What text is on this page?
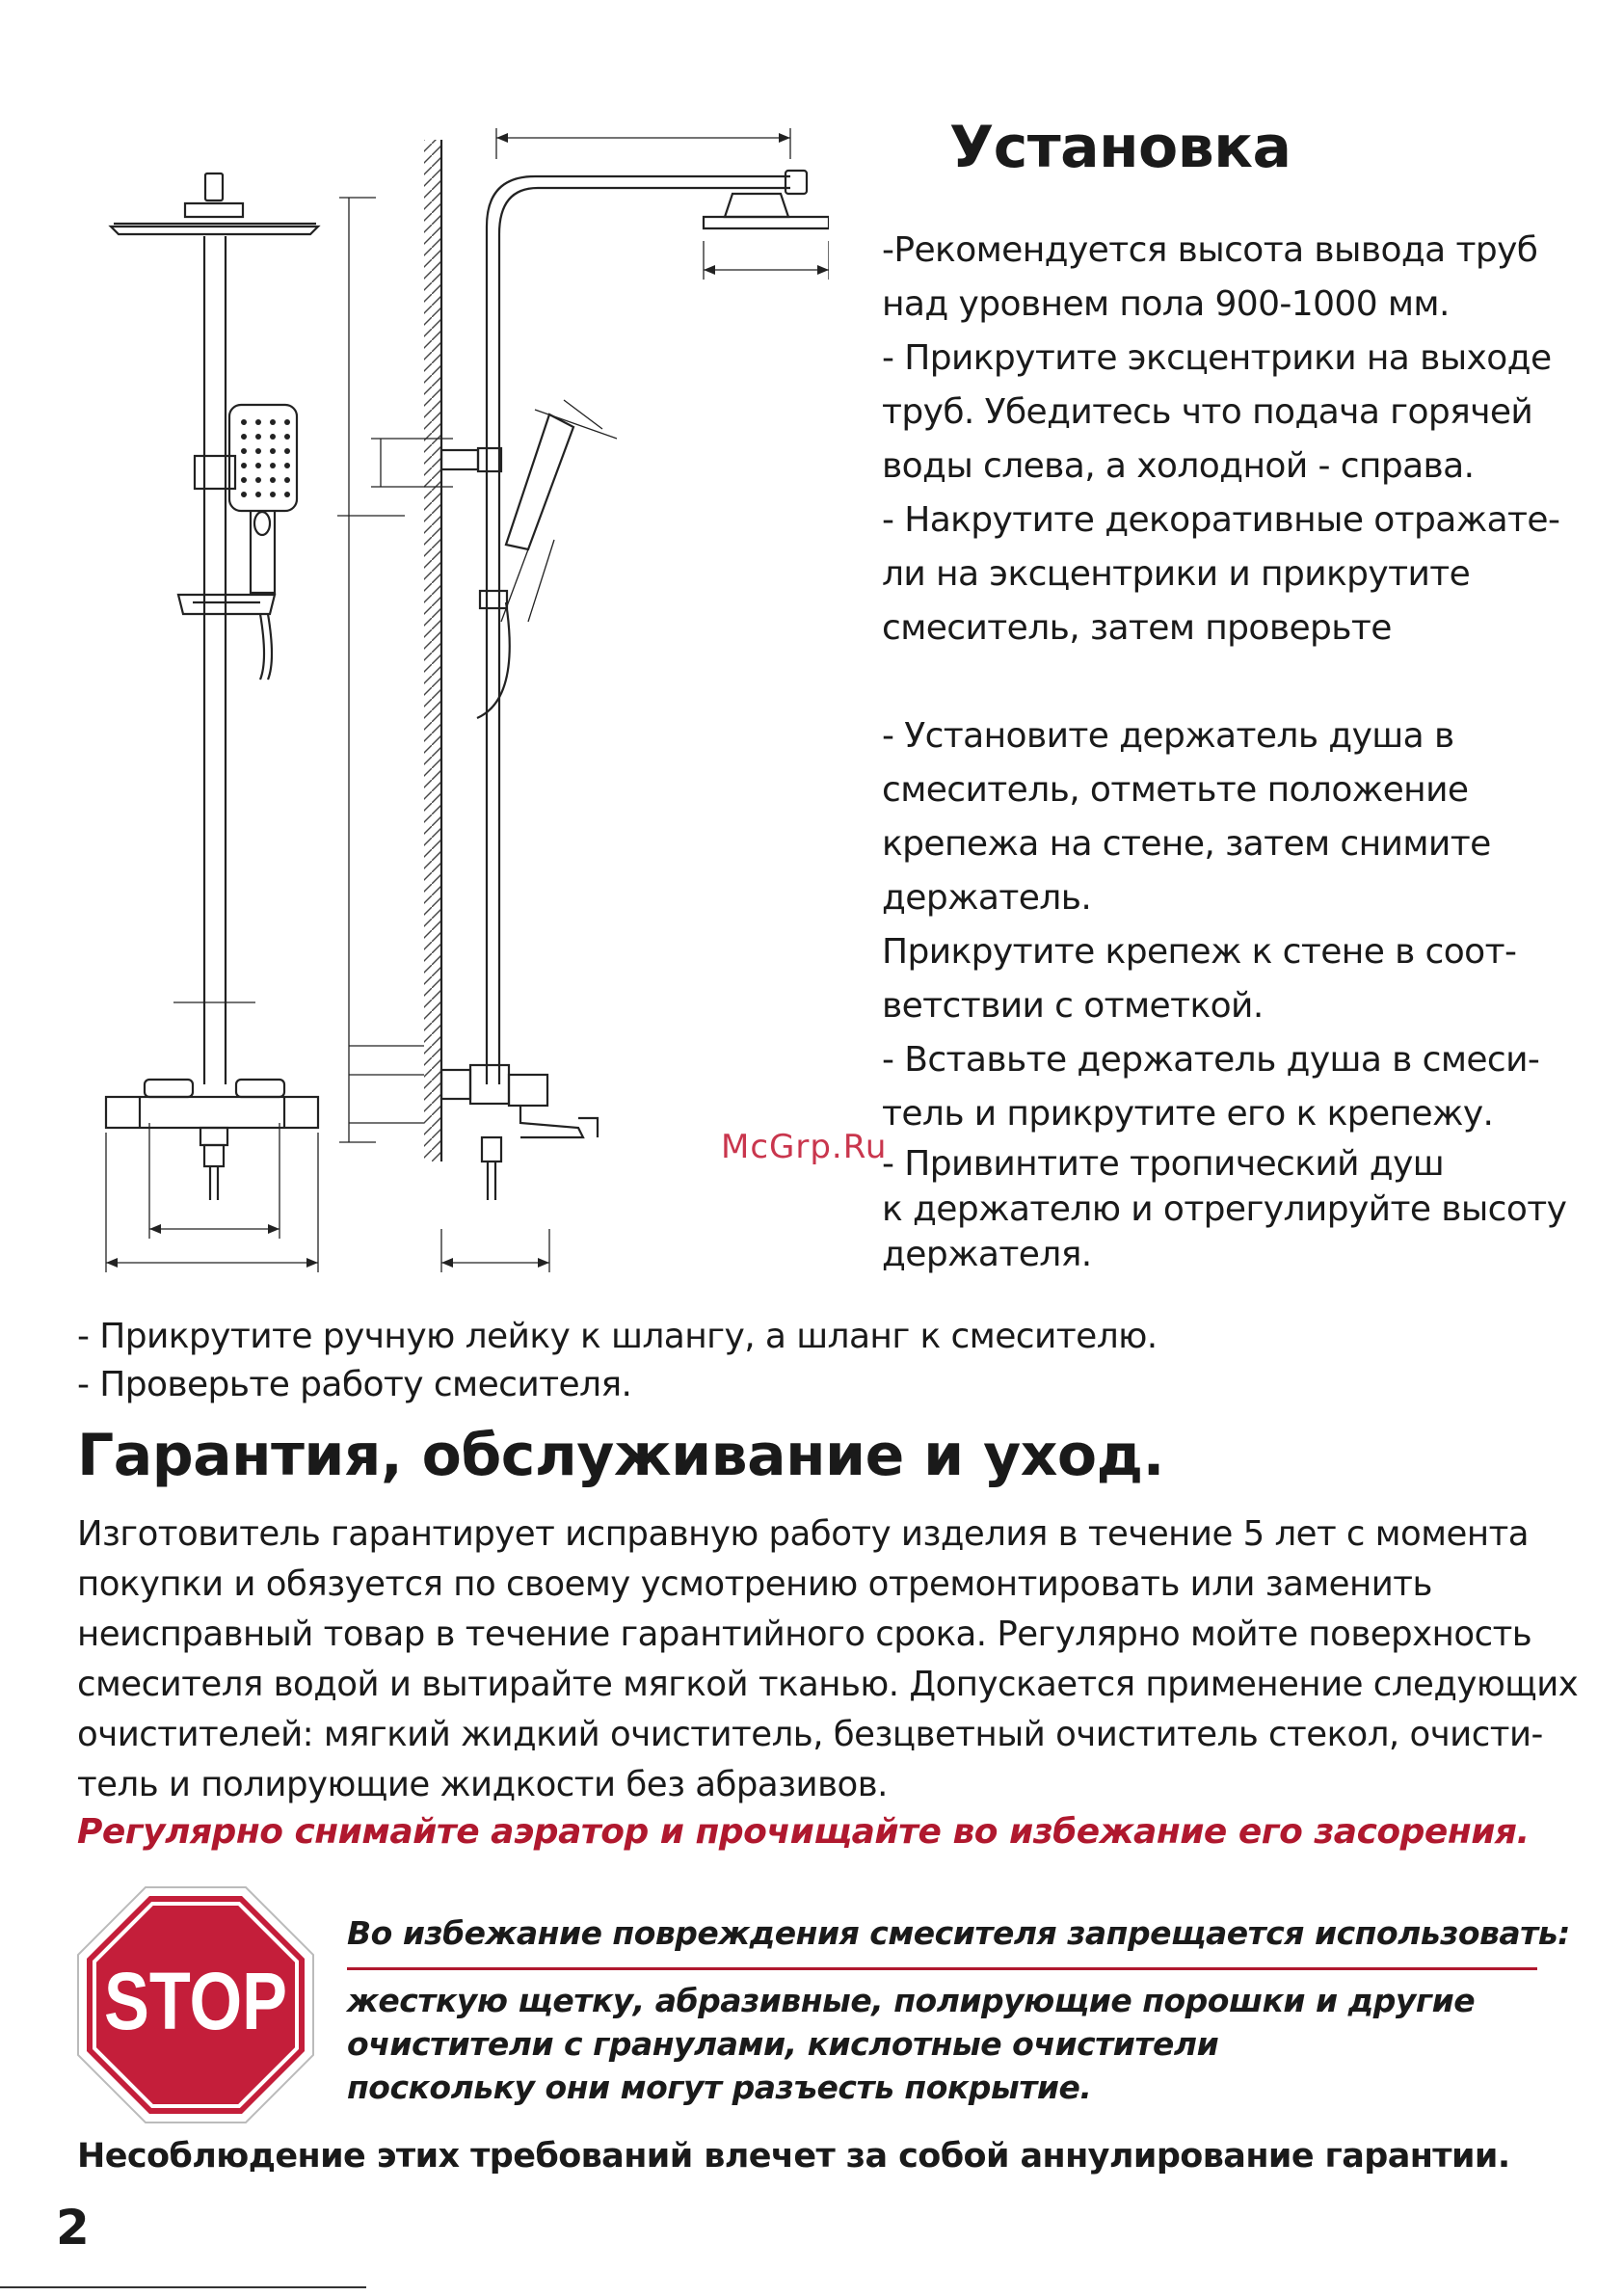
Установка
-Рекомендуется высота вывода труб
над уровнем пола 900-1000 мм.
- Прикрутите эксцентрики на выходе
труб. Убедитесь что подача горячей
воды слева, а холодной - справа.
- Накрутите декоративные отражате-
ли на эксцентрики и прикрутите
смеситель, затем проверьте
- Установите держатель душа в
смеситель, отметьте положение
крепежа на стене, затем снимите
держатель.
Прикрутите крепеж к стене в соот-
ветствии с отметкой.
- Вставьте держатель душа в смеси-
тель и прикрутите его к крепежу.
- Привинтите тропический душ
к держателю и отрегулируйте высоту
держателя.
McGrp.Ru
- Прикрутите ручную лейку к шлангу, а шланг к смесителю.
- Проверьте работу смесителя.
Гарантия, обслуживание и уход.
Изготовитель гарантирует исправную работу изделия в течение 5 лет с момента
покупки и обязуется по своему усмотрению отремонтировать или заменить
неисправный товар в течение гарантийного срока. Регулярно мойте поверхность
смесителя водой и вытирайте мягкой тканью. Допускается применение следующих
очистителей: мягкий жидкий очиститель, безцветный очиститель стекол, очисти-
тель и полирующие жидкости без абразивов.
Регулярно снимайте аэратор и прочищайте во избежание его засорения.
STOP
Во избежание повреждения смесителя запрещается использовать:
жесткую щетку, абразивные, полирующие порошки и другие
очистители с гранулами, кислотные очистители
поскольку они могут разъесть покрытие.
Несоблюдение этих требований влечет за собой аннулирование гарантии.
2
